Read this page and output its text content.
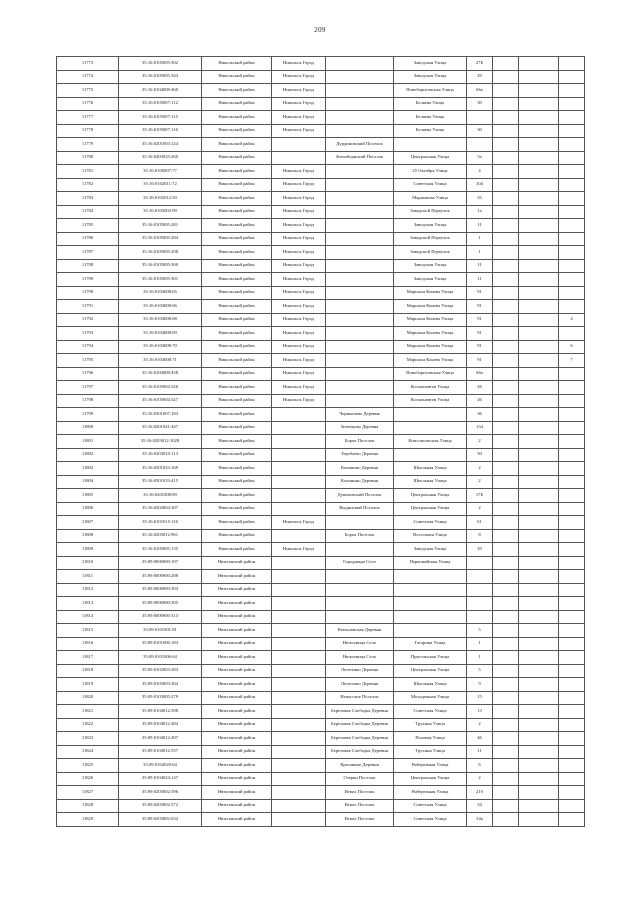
209
11773	35:16:0105005:302	Никольский район	Никольск Город		Заводская Улица	27Б			
11774	35:16:0105005:343	Никольский район	Никольск Город		Заводская Улица	29			
11775	35:16:0104008:460	Никольский район	Никольск Город		Новоборисовская Улица	66а			
11776	35:16:0105007:112	Никольский район	Никольск Город		Беляева Улица	30			
11777	35:16:0105007:115	Никольский район	Никольск Город		Беляева Улица				
11778	35:16:0105007:116	Никольский район	Никольск Город		Беляева Улица	30			
11779	35:16:0201003:124	Никольский район		Дурдиновский Поселок					
11780	35:16:0403025:260	Никольский район		Зеленборнский Поселок	Центральная Улица	5а			
11781	35:16:0100007:77	Никольский район	Никольск Город		25 Октября Улица	4			
11782	35:16:0102011:72	Никольский район	Никольск Город		Советская Улица	104			
11783	35:16:0102012:50	Никольский район	Никольск Город		Маршакова Улица	35			
11784	35:16:0103003:99	Никольский район	Никольск Город		Заводской Переулок	1а			
11785	35:16:0105005:281	Никольский район	Никольск Город		Заводская Улица	11			
11786	35:16:0105005:284	Никольский район	Никольск Город		Заводской Переулок	1			
11787	35:16:0105005:298	Никольский район	Никольск Город		Заводской Переулок	1			
11788	35:16:0105005:300	Никольский район	Никольск Город		Заводская Улица	11			
11789	35:16:0105005:301	Никольский район	Никольск Город		Заводская Улица	11			
11790	35:16:0104008:65	Никольский район	Никольск Город		Маршала Конева Улица	91			
11791	35:16:0104008:66	Никольский район	Никольск Город		Маршала Конева Улица	91			
11792	35:16:0104008:68	Никольский район	Никольск Город		Маршала Конева Улица	91			4
11793	35:16:0104008:69	Никольский район	Никольск Город		Маршала Конева Улица	91			
11794	35:16:0104008:70	Никольский район	Никольск Город		Маршала Конева Улица	91			6
11795	35:16:0104008:71	Никольский район	Никольск Город		Маршала Конева Улица	91			7
11796	35:16:0104008:458	Никольский район	Никольск Город		Новоборисовская Улица	66а			
11797	35:16:0105004:326	Никольский район	Никольск Город		Космонавтов Улица	26			
11798	35:16:0105004:327	Никольский район	Никольск Город		Космонавтов Улица	26			
11799	35:16:0301007:183	Никольский район		Чернышево Деревня		36			
11800	35:16:0201041:447	Никольский район		Зеленцово Деревня		134			
11801	35:16:0203012:1028	Никольский район		Борок Поселок	Комсомольская Улица	2			
11802	35:16:0203010:113	Никольский район		Теребаево Деревня		50			
11803	35:16:0301033:169	Никольский район		Калинино Деревня	Школьная Улица	2			
11804	35:16:0301033:415	Никольский район		Калинино Деревня	Школьная Улица	2			
11805	35:16:0201008:89	Никольский район		Дуниловский Поселок	Центральная Улица	17Б			
11806	35:16:0202004:307	Никольский район		Выдинский Поселок	Центральная Улица	2			
11807	35:16:0101015:116	Никольский район	Никольск Город		Советская Улица	61			
11808	35:16:0203012:961	Никольский район		Борок Поселок	Восточная Улица	8			
11809	35:16:0105005:135	Никольский район	Никольск Город		Заводская Улица	29			
11810	35:09:0000000:197	Нюксенский район		Городищна Село	Первомайская Улица				
11811	35:09:0000000:288	Нюксенский район							
11812	35:09:0000000:303	Нюксенский район							
11813	35:09:0000000:305	Нюксенский район							
11814	35:09:0000000:313	Нюксенский район							
11815	35:09:0101001:81	Нюксенский район		Копыловская Деревня		5			
11816	35:09:0101006:183	Нюксенский район		Нюксеница Село	Гагарина Улица	1			
11817	35:09:0101006:64	Нюксенский район		Нюксеница Село	Пристанская Улица	1			
11818	35:09:0102003:283	Нюксенский район		Лесютино Деревня	Центральная Улица	5			
11819	35:09:0103003:304	Нюксенский район		Лесютино Деревня	Школьная Улица	9			
11820	35:09:0103005:279	Нюксенский район		Игмасское Поселок	Молодежная Улица	15			
11821	35:09:0104012:398	Нюксенский район		Березовая Слободка Деревня	Советская Улица	13			
11822	35:09:0104012:484	Нюксенский район		Березовая Слободка Деревня	Трухина Улица	2			
11823	35:09:0104012:497	Нюксенский район		Березовая Слободка Деревня	Полевая Улица	46			
11824	35:09:0104012:557	Нюксенский район		Березовая Слободка Деревня	Трухина Улица	11			
11825	35:09:0104029:64	Нюксенский район		Красавино Деревня	Набережная Улица	6			
11826	35:09:0104024:147	Нюксенский район		Озерки Поселок	Центральная Улица	2			
11827	35:09:0203002:596	Нюксенский район		Игмас Поселок	Набережная Улица	21б			
11828	35:09:0203002:572	Нюксенский район		Игмас Поселок	Советская Улица	34			
11829	35:09:0203002:632	Нюксенский район		Игмас Поселок	Советская Улица	34а			
